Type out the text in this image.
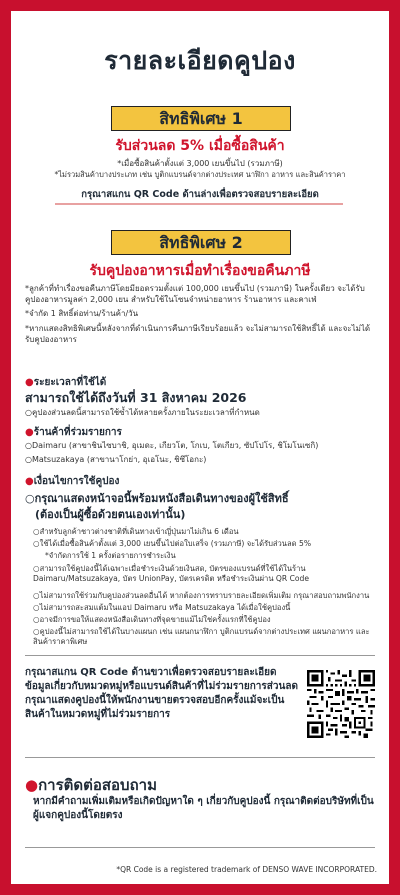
รายละเอียดคูปอง
สิทธิพิเศษ 1
รับส่วนลด 5% เมื่อซื้อสินค้า
*เมื่อซื้อสินค้าตั้งแต่ 3,000 เยนขึ้นไป (รวมภาษี)
*ไม่รวมสินค้าบางประเภท เช่น บูติกแบรนด์จากต่างประเทศ นาฬิกา อาหาร และสินค้าราคา
กรุณาสแกน QR Code ด้านล่างเพื่อตรวจสอบรายละเอียด
สิทธิพิเศษ 2
รับคูปองอาหารเมื่อทำเรื่องขอคืนภาษี
*ลูกค้าที่ทำเรื่องขอคืนภาษีโดยมียอดรวมตั้งแต่ 100,000 เยนขึ้นไป (รวมภาษี) ในครั้งเดียว จะได้รับคูปองอาหารมูลค่า 2,000 เยน สำหรับใช้ในโซนจำหน่ายอาหาร ร้านอาหาร และคาเฟ่
*จำกัด 1 สิทธิ์ต่อท่าน/ร้านค้า/วัน
*หากแสดงสิทธิพิเศษนี้หลังจากที่ดำเนินการคืนภาษีเรียบร้อยแล้ว จะไม่สามารถใช้สิทธิ์ได้ และจะไม่ได้รับคูปองอาหาร
●ระยะเวลาที่ใช้ได้
สามารถใช้ได้ถึงวันที่ 31 สิงหาคม 2026
○คูปองส่วนลดนี้สามารถใช้ซ้ำได้หลายครั้งภายในระยะเวลาที่กำหนด
●ร้านค้าที่ร่วมรายการ
○Daimaru (สาขาชินไซบาชิ, อุเมดะ, เกียวโต, โกเบ, โตเกียว, ซัปโปโร, ชิโมโนเซกิ)
○Matsuzakaya (สาขานาโกย่า, อุเอโนะ, ชิซึโอกะ)
●เงื่อนไขการใช้คูปอง
○กรุณาแสดงหน้าจอนี้พร้อมหนังสือเดินทางของผู้ใช้สิทธิ์
(ต้องเป็นผู้ซื้อด้วยตนเองเท่านั้น)
○สำหรับลูกค้าชาวต่างชาติที่เดินทางเข้าญี่ปุ่นมาไม่เกิน 6 เดือน
○ใช้ได้เมื่อซื้อสินค้าตั้งแต่ 3,000 เยนขึ้นไปต่อใบเสร็จ (รวมภาษี) จะได้รับส่วนลด 5%
*จำกัดการใช้ 1 ครั้งต่อรายการชำระเงิน
○สามารถใช้คูปองนี้ได้เฉพาะเมื่อชำระเงินด้วยเงินสด, บัตรของแบรนด์ที่ใช้ได้ในร้าน Daimaru/Matsuzakaya, บัตร UnionPay, บัตรเครดิต หรือชำระเงินผ่าน QR Code
○ไม่สามารถใช้ร่วมกับคูปองส่วนลดอื่นได้ หากต้องการทราบรายละเอียดเพิ่มเติม กรุณาสอบถามพนักงาน
○ไม่สามารถสะสมแต้มในแอป Daimaru หรือ Matsuzakaya ได้เมื่อใช้คูปองนี้
○อาจมีการขอให้แสดงหนังสือเดินทางที่จุดขายแม้ไม่ใช่ครั้งแรกที่ใช้คูปอง
○คูปองนี้ไม่สามารถใช้ได้ในบางแผนก เช่น แผนกนาฬิกา บูติกแบรนด์จากต่างประเทศ แผนกอาหาร และสินค้าราคาพิเศษ
กรุณาสแกน QR Code ด้านขวาเพื่อตรวจสอบรายละเอียดข้อมูลเกี่ยวกับหมวดหมู่หรือแบรนด์สินค้าที่ไม่ร่วมรายการส่วนลด
กรุณาแสดงคูปองนี้ให้พนักงานขายตรวจสอบอีกครั้งแม้จะเป็นสินค้าในหมวดหมู่ที่ไม่ร่วมรายการ
●การติดต่อสอบถาม
หากมีคำถามเพิ่มเติมหรือเกิดปัญหาใด ๆ เกี่ยวกับคูปองนี้ กรุณาติดต่อบริษัทที่เป็นผู้แจกคูปองนี้โดยตรง
*QR Code is a registered trademark of DENSO WAVE INCORPORATED.
